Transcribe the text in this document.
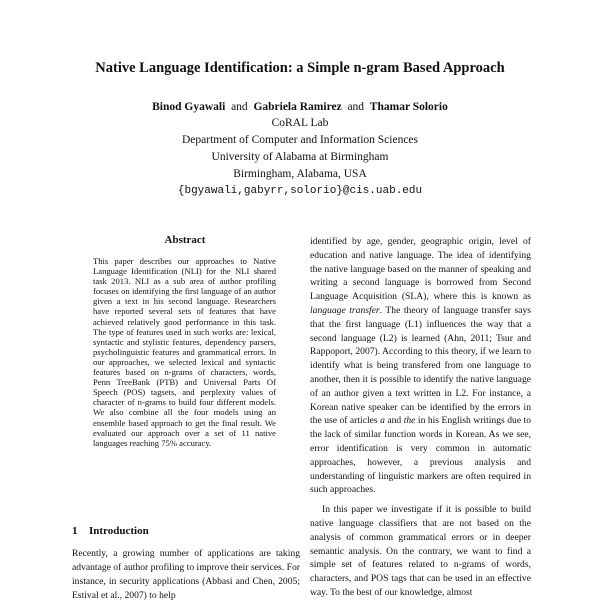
Native Language Identification: a Simple n-gram Based Approach
Binod Gyawali and Gabriela Ramirez and Thamar Solorio
CoRAL Lab
Department of Computer and Information Sciences
University of Alabama at Birmingham
Birmingham, Alabama, USA
{bgyawali,gabyrr,solorio}@cis.uab.edu
Abstract
This paper describes our approaches to Native Language Identification (NLI) for the NLI shared task 2013. NLI as a sub area of author profiling focuses on identifying the first language of an author given a text in his second language. Researchers have reported several sets of features that have achieved relatively good performance in this task. The type of features used in such works are: lexical, syntactic and stylistic features, dependency parsers, psycholinguistic features and grammatical errors. In our approaches, we selected lexical and syntactic features based on n-grams of characters, words, Penn TreeBank (PTB) and Universal Parts Of Speech (POS) tagsets, and perplexity values of character of n-grams to build four different models. We also combine all the four models using an ensemble based approach to get the final result. We evaluated our approach over a set of 11 native languages reaching 75% accuracy.
1 Introduction
Recently, a growing number of applications are taking advantage of author profiling to improve their services. For instance, in security applications (Abbasi and Chen, 2005; Estival et al., 2007) to help

identified by age, gender, geographic origin, level of education and native language. The idea of identifying the native language based on the manner of speaking and writing a second language is borrowed from Second Language Acquisition (SLA), where this is known as language transfer. The theory of language transfer says that the first language (L1) influences the way that a second language (L2) is learned (Ahn, 2011; Tsur and Rappoport, 2007). According to this theory, if we learn to identify what is being transfered from one language to another, then it is possible to identify the native language of an author given a text written in L2. For instance, a Korean native speaker can be identified by the errors in the use of articles a and the in his English writings due to the lack of similar function words in Korean. As we see, error identification is very common in automatic approaches, however, a previous analysis and understanding of linguistic markers are often required in such approaches.

In this paper we investigate if it is possible to build native language classifiers that are not based on the analysis of common grammatical errors or in deeper semantic analysis. On the contrary, we want to find a simple set of features related to n-grams of words, characters, and POS tags that can be used in an effective way. To the best of our knowledge, almost
